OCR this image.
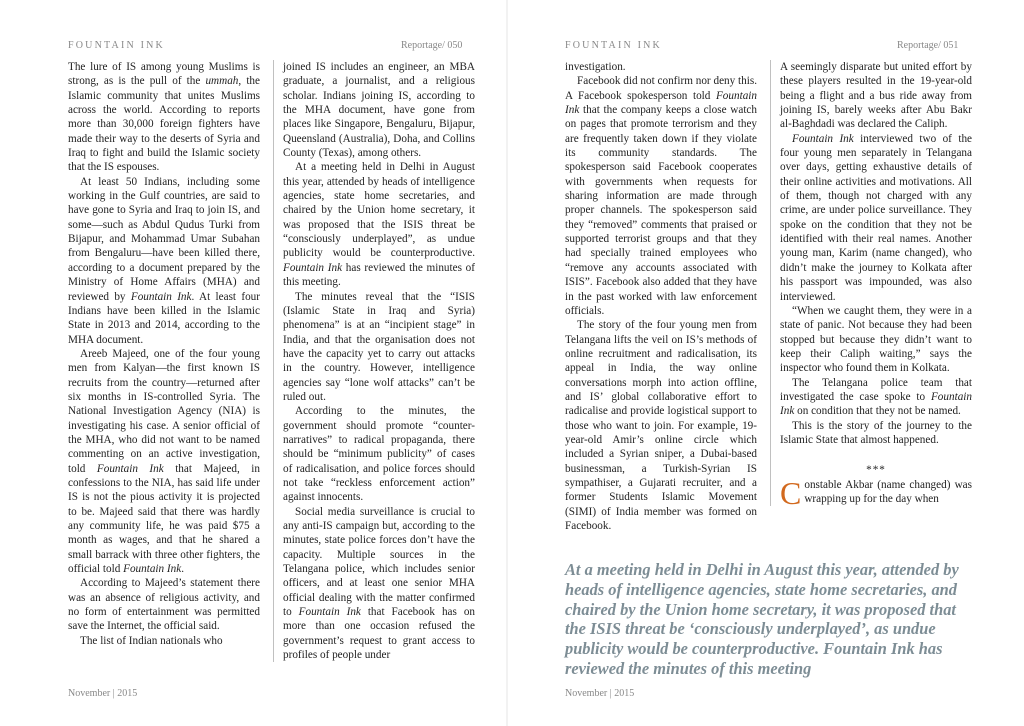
FOUNTAIN INK	Reportage/ 050

The lure of IS among young Muslims is strong, as is the pull of the ummah, the Islamic community that unites Muslims across the world. According to reports more than 30,000 foreign fighters have made their way to the deserts of Syria and Iraq to fight and build the Islamic society that the IS espouses.

At least 50 Indians, including some working in the Gulf countries, are said to have gone to Syria and Iraq to join IS, and some—such as Abdul Qudus Turki from Bijapur, and Mohammad Umar Subahan from Bengaluru—have been killed there, according to a document prepared by the Ministry of Home Affairs (MHA) and reviewed by Fountain Ink. At least four Indians have been killed in the Islamic State in 2013 and 2014, according to the MHA document.

Areeb Majeed, one of the four young men from Kalyan—the first known IS recruits from the country—returned after six months in IS-controlled Syria. The National Investigation Agency (NIA) is investigating his case. A senior official of the MHA, who did not want to be named commenting on an active investigation, told Fountain Ink that Majeed, in confessions to the NIA, has said life under IS is not the pious activity it is projected to be. Majeed said that there was hardly any community life, he was paid $75 a month as wages, and that he shared a small barrack with three other fighters, the official told Fountain Ink.

According to Majeed’s statement there was an absence of religious activity, and no form of entertainment was permitted save the Internet, the official said.

The list of Indian nationals who

joined IS includes an engineer, an MBA graduate, a journalist, and a religious scholar. Indians joining IS, according to the MHA document, have gone from places like Singapore, Bengaluru, Bijapur, Queensland (Australia), Doha, and Collins County (Texas), among others.

At a meeting held in Delhi in August this year, attended by heads of intelligence agencies, state home secretaries, and chaired by the Union home secretary, it was proposed that the ISIS threat be “consciously underplayed”, as undue publicity would be counterproductive. Fountain Ink has reviewed the minutes of this meeting.

The minutes reveal that the “ISIS (Islamic State in Iraq and Syria) phenomena” is at an “incipient stage” in India, and that the organisation does not have the capacity yet to carry out attacks in the country. However, intelligence agencies say “lone wolf attacks” can’t be ruled out.

According to the minutes, the government should promote “counter-narratives” to radical propaganda, there should be “minimum publicity” of cases of radicalisation, and police forces should not take “reckless enforcement action” against innocents.

Social media surveillance is crucial to any anti-IS campaign but, according to the minutes, state police forces don’t have the capacity. Multiple sources in the Telangana police, which includes senior officers, and at least one senior MHA official dealing with the matter confirmed to Fountain Ink that Facebook has on more than one occasion refused the government’s request to grant access to profiles of people under

November | 2015
FOUNTAIN INK	Reportage/ 051

investigation.

Facebook did not confirm nor deny this. A Facebook spokesperson told Fountain Ink that the company keeps a close watch on pages that promote terrorism and they are frequently taken down if they violate its community standards. The spokesperson said Facebook cooperates with governments when requests for sharing information are made through proper channels. The spokesperson said they “removed” comments that praised or supported terrorist groups and that they had specially trained employees who “remove any accounts associated with ISIS”. Facebook also added that they have in the past worked with law enforcement officials.

The story of the four young men from Telangana lifts the veil on IS’s methods of online recruitment and radicalisation, its appeal in India, the way online conversations morph into action offline, and IS’ global collaborative effort to radicalise and provide logistical support to those who want to join. For example, 19-year-old Amir’s online circle which included a Syrian sniper, a Dubai-based businessman, a Turkish-Syrian IS sympathiser, a Gujarati recruiter, and a former Students Islamic Movement (SIMI) of India member was formed on Facebook.

A seemingly disparate but united effort by these players resulted in the 19-year-old being a flight and a bus ride away from joining IS, barely weeks after Abu Bakr al-Baghdadi was declared the Caliph.

Fountain Ink interviewed two of the four young men separately in Telangana over days, getting exhaustive details of their online activities and motivations. All of them, though not charged with any crime, are under police surveillance. They spoke on the condition that they not be identified with their real names. Another young man, Karim (name changed), who didn’t make the journey to Kolkata after his passport was impounded, was also interviewed.

“When we caught them, they were in a state of panic. Not because they had been stopped but because they didn’t want to keep their Caliph waiting,” says the inspector who found them in Kolkata.

The Telangana police team that investigated the case spoke to Fountain Ink on condition that they not be named.

This is the story of the journey to the Islamic State that almost happened.

***

Constable Akbar (name changed) was wrapping up for the day when

At a meeting held in Delhi in August this year, attended by heads of intelligence agencies, state home secretaries, and chaired by the Union home secretary, it was proposed that the ISIS threat be ‘consciously underplayed’, as undue publicity would be counterproductive. Fountain Ink has reviewed the minutes of this meeting
November | 2015
